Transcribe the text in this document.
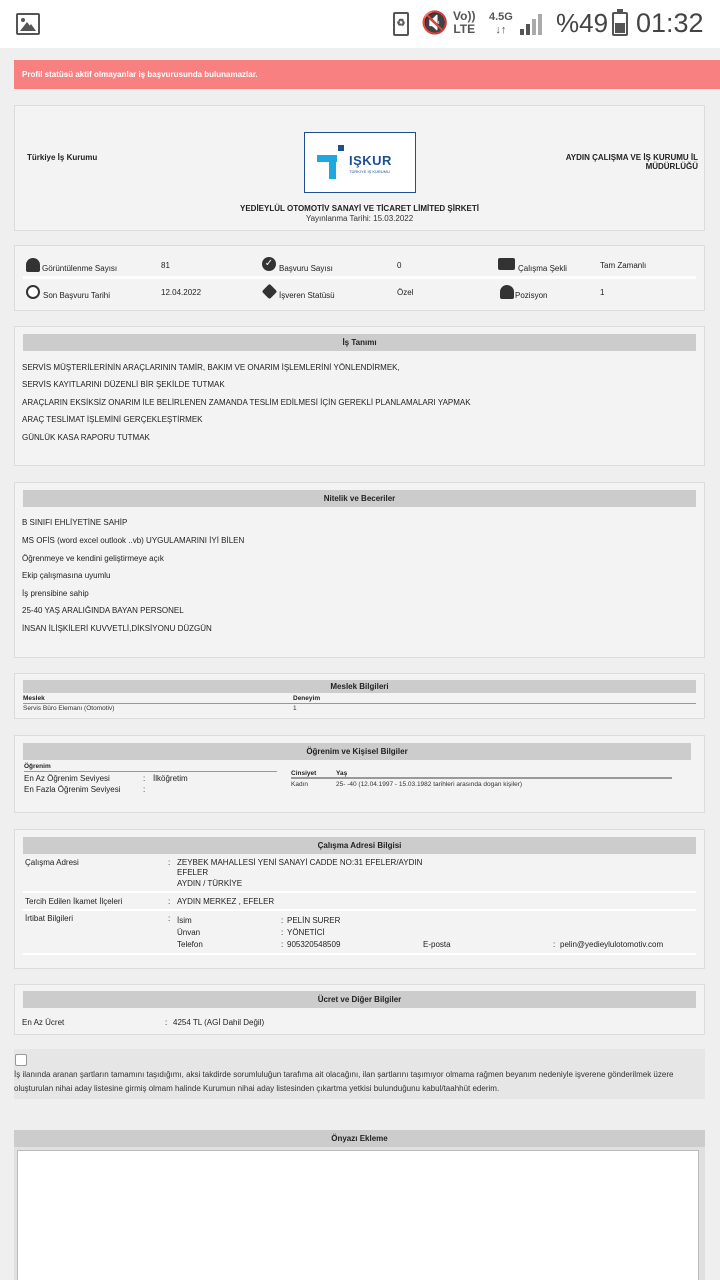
♻ 🔇 Vo))
LTE
4.5G
↓↑ %49 01:32
Profil statüsü aktif olmayanlar iş başvurusunda bulunamazlar.
Türkiye İş Kurumu	IŞKUR
TÜRKİYE İŞ KURUMU
AYDIN ÇALIŞMA VE İŞ KURUMU İL MÜDÜRLÜĞÜ
YEDİEYLÜL OTOMOTİV SANAYİ VE TİCARET LİMİTED ŞİRKETİ
Yayınlanma Tarihi: 15.03.2022
Görüntülenme Sayısı	81	✓ Başvuru Sayısı	0	Çalışma Şekli	Tam Zamanlı
Son Başvuru Tarihi	12.04.2022	İşveren Statüsü	Özel	Pozisyon	1
İş Tanımı
SERVİS MÜŞTERİLERİNİN ARAÇLARININ TAMİR, BAKIM VE ONARIM İŞLEMLERİNİ YÖNLENDİRMEK,
SERVİS KAYITLARINI DÜZENLİ BİR ŞEKİLDE TUTMAK
ARAÇLARIN EKSİKSİZ ONARIM İLE BELİRLENEN ZAMANDA TESLİM EDİLMESİ İÇİN GEREKLİ PLANLAMALARI YAPMAK
ARAÇ TESLİMAT İŞLEMİNİ GERÇEKLEŞTİRMEK
GÜNLÜK KASA RAPORU TUTMAK
Nitelik ve Beceriler
B SINIFI EHLİYETİNE SAHİP
MS OFİS (word excel outlook ..vb) UYGULAMARINI İYİ BİLEN
Öğrenmeye ve kendini geliştirmeye açık
Ekip çalışmasına uyumlu
İş prensibine sahip
25-40 YAŞ ARALIĞINDA BAYAN PERSONEL
İNSAN İLİŞKİLERİ KUVVETLİ,DİKSİYONU DÜZGÜN
Meslek Bilgileri
Meslek	Deneyim
Servis Büro Elemanı (Otomotiv)	1
Öğrenim ve Kişisel Bilgiler
Öğrenim
En Az Öğrenim Seviyesi	: İlköğretim
En Fazla Öğrenim Seviyesi	:
Cinsiyet	Yaş
Kadın	25- -40 (12.04.1997 - 15.03.1982 tarihleri arasında dogan kişiler)
Çalışma Adresi Bilgisi
Çalışma Adresi	: ZEYBEK MAHALLESİ YENİ SANAYİ CADDE NO:31 EFELER/AYDIN
EFELER
AYDIN / TÜRKİYE
Tercih Edilen İkamet İlçeleri	: AYDIN MERKEZ , EFELER
İrtibat Bilgileri	: İsim	: PELİN SURER
Ünvan	: YÖNETİCİ
Telefon	: 905320548509	E-posta	: pelin@yedieylulotomotiv.com
Ücret ve Diğer Bilgiler
En Az Ücret	: 4254 TL (AGİ Dahil Değil)
İş ilanında aranan şartların tamamını taşıdığımı, aksi takdirde sorumluluğun tarafıma ait olacağını, ilan şartlarını taşımıyor olmama rağmen beyanım nedeniyle işverene gönderilmek üzere oluşturulan nihai aday listesine girmiş olmam halinde Kurumun nihai aday listesinden çıkartma yetkisi bulunduğunu kabul/taahhüt ederim.
Önyazı Ekleme
